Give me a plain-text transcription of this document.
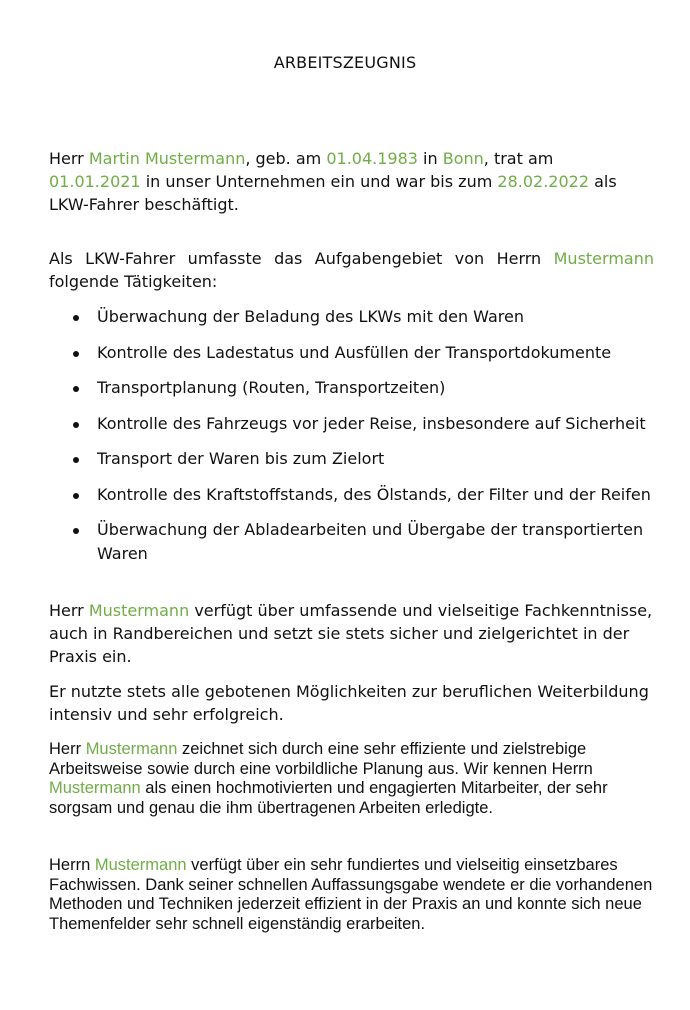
ARBEITSZEUGNIS
Herr Martin Mustermann, geb. am 01.04.1983 in Bonn, trat am
01.01.2021 in unser Unternehmen ein und war bis zum 28.02.2022 als LKW-Fahrer beschäftigt.
Als LKW-Fahrer umfasste das Aufgabengebiet von Herrn Mustermann folgende Tätigkeiten:
Überwachung der Beladung des LKWs mit den Waren
Kontrolle des Ladestatus und Ausfüllen der Transportdokumente
Transportplanung (Routen, Transportzeiten)
Kontrolle des Fahrzeugs vor jeder Reise, insbesondere auf Sicherheit
Transport der Waren bis zum Zielort
Kontrolle des Kraftstoffstands, des Ölstands, der Filter und der Reifen
Überwachung der Abladearbeiten und Übergabe der transportierten Waren
Herr Mustermann verfügt über umfassende und vielseitige Fachkenntnisse, auch in Randbereichen und setzt sie stets sicher und zielgerichtet in der Praxis ein.
Er nutzte stets alle gebotenen Möglichkeiten zur beruflichen Weiterbildung intensiv und sehr erfolgreich.
Herr Mustermann zeichnet sich durch eine sehr effiziente und zielstrebige Arbeitsweise sowie durch eine vorbildliche Planung aus. Wir kennen Herrn Mustermann als einen hochmotivierten und engagierten Mitarbeiter, der sehr sorgsam und genau die ihm übertragenen Arbeiten erledigte.
Herrn Mustermann verfügt über ein sehr fundiertes und vielseitig einsetzbares Fachwissen. Dank seiner schnellen Auffassungsgabe wendete er die vorhandenen Methoden und Techniken jederzeit effizient in der Praxis an und konnte sich neue Themenfelder sehr schnell eigenständig erarbeiten.
